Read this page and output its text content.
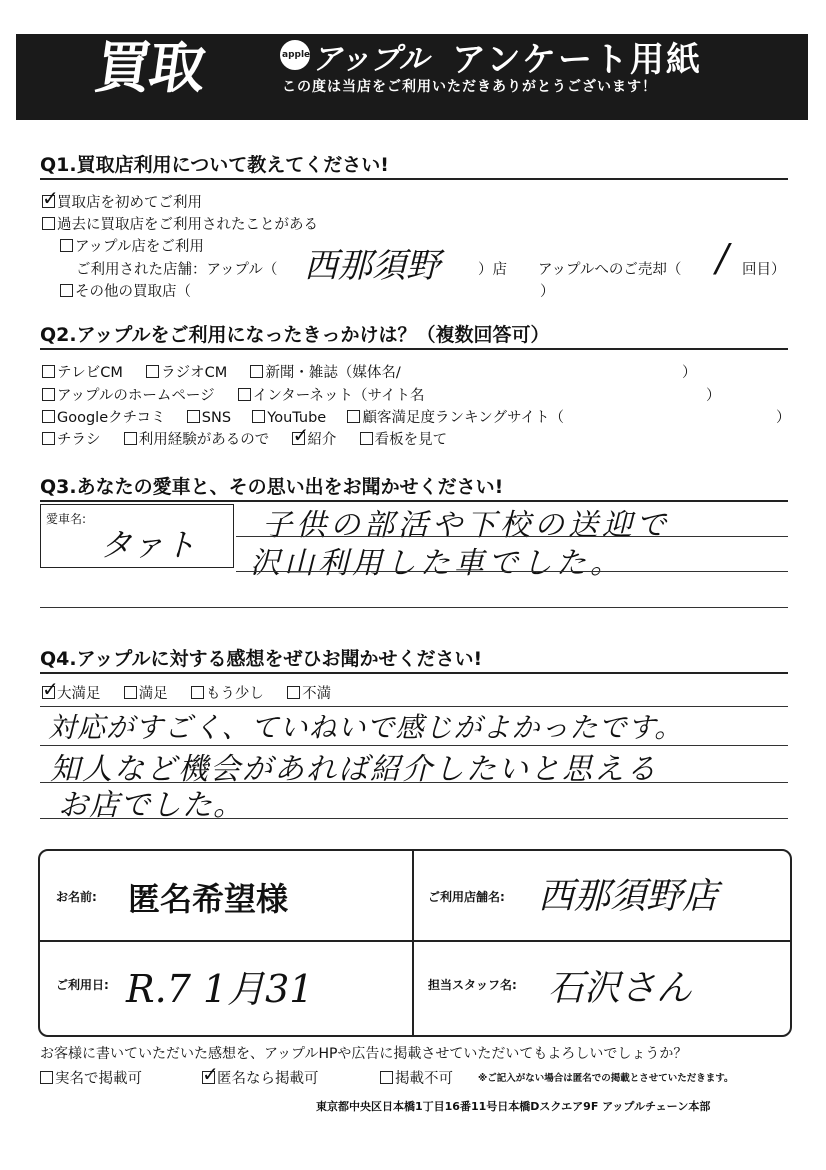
買取	apple アップル アンケート用紙
この度は当店をご利用いただきありがとうございます！
Q1.買取店利用について教えてください!
✓
買取店を初めてご利用
過去に買取店をご利用されたことがある
アップル店をご利用
ご利用された店舗：アップル（ 西那須野	）店 アップルへのご売却（ / 回目）
その他の買取店（	）
Q2.アップルをご利用になったきっかけは？（複数回答可）
テレビCM	ラジオCM	新聞・雑誌（媒体名/	）
アップルのホームページ	インターネット（サイト名	）
Googleクチコミ SNS YouTube 顧客満足度ランキングサイト（	）
チラシ	利用経験があるので ✓
紹介	看板を見て
Q3.あなたの愛車と、その思い出をお聞かせください!
愛車名:
タァト
子供の部活や下校の送迎で
沢山利用した車でした。
Q4.アップルに対する感想をぜひお聞かせください!
✓
大満足	満足	もう少し	不満
対応がすごく、ていねいで感じがよかったです。
知人など機会があれば紹介したいと思える
お店でした。
お名前: 匿名希望様	ご利用店舗名: 西那須野店
ご利用日: R.7 1月31	担当スタッフ名: 石沢さん
お客様に書いていただいた感想を、アップルHPや広告に掲載させていただいてもよろしいでしょうか？
実名で掲載可	✓
匿名なら掲載可	掲載不可	※ご記入がない場合は匿名での掲載とさせていただきます。
東京都中央区日本橋1丁目16番11号日本橋Dスクエア9F アップルチェーン本部
